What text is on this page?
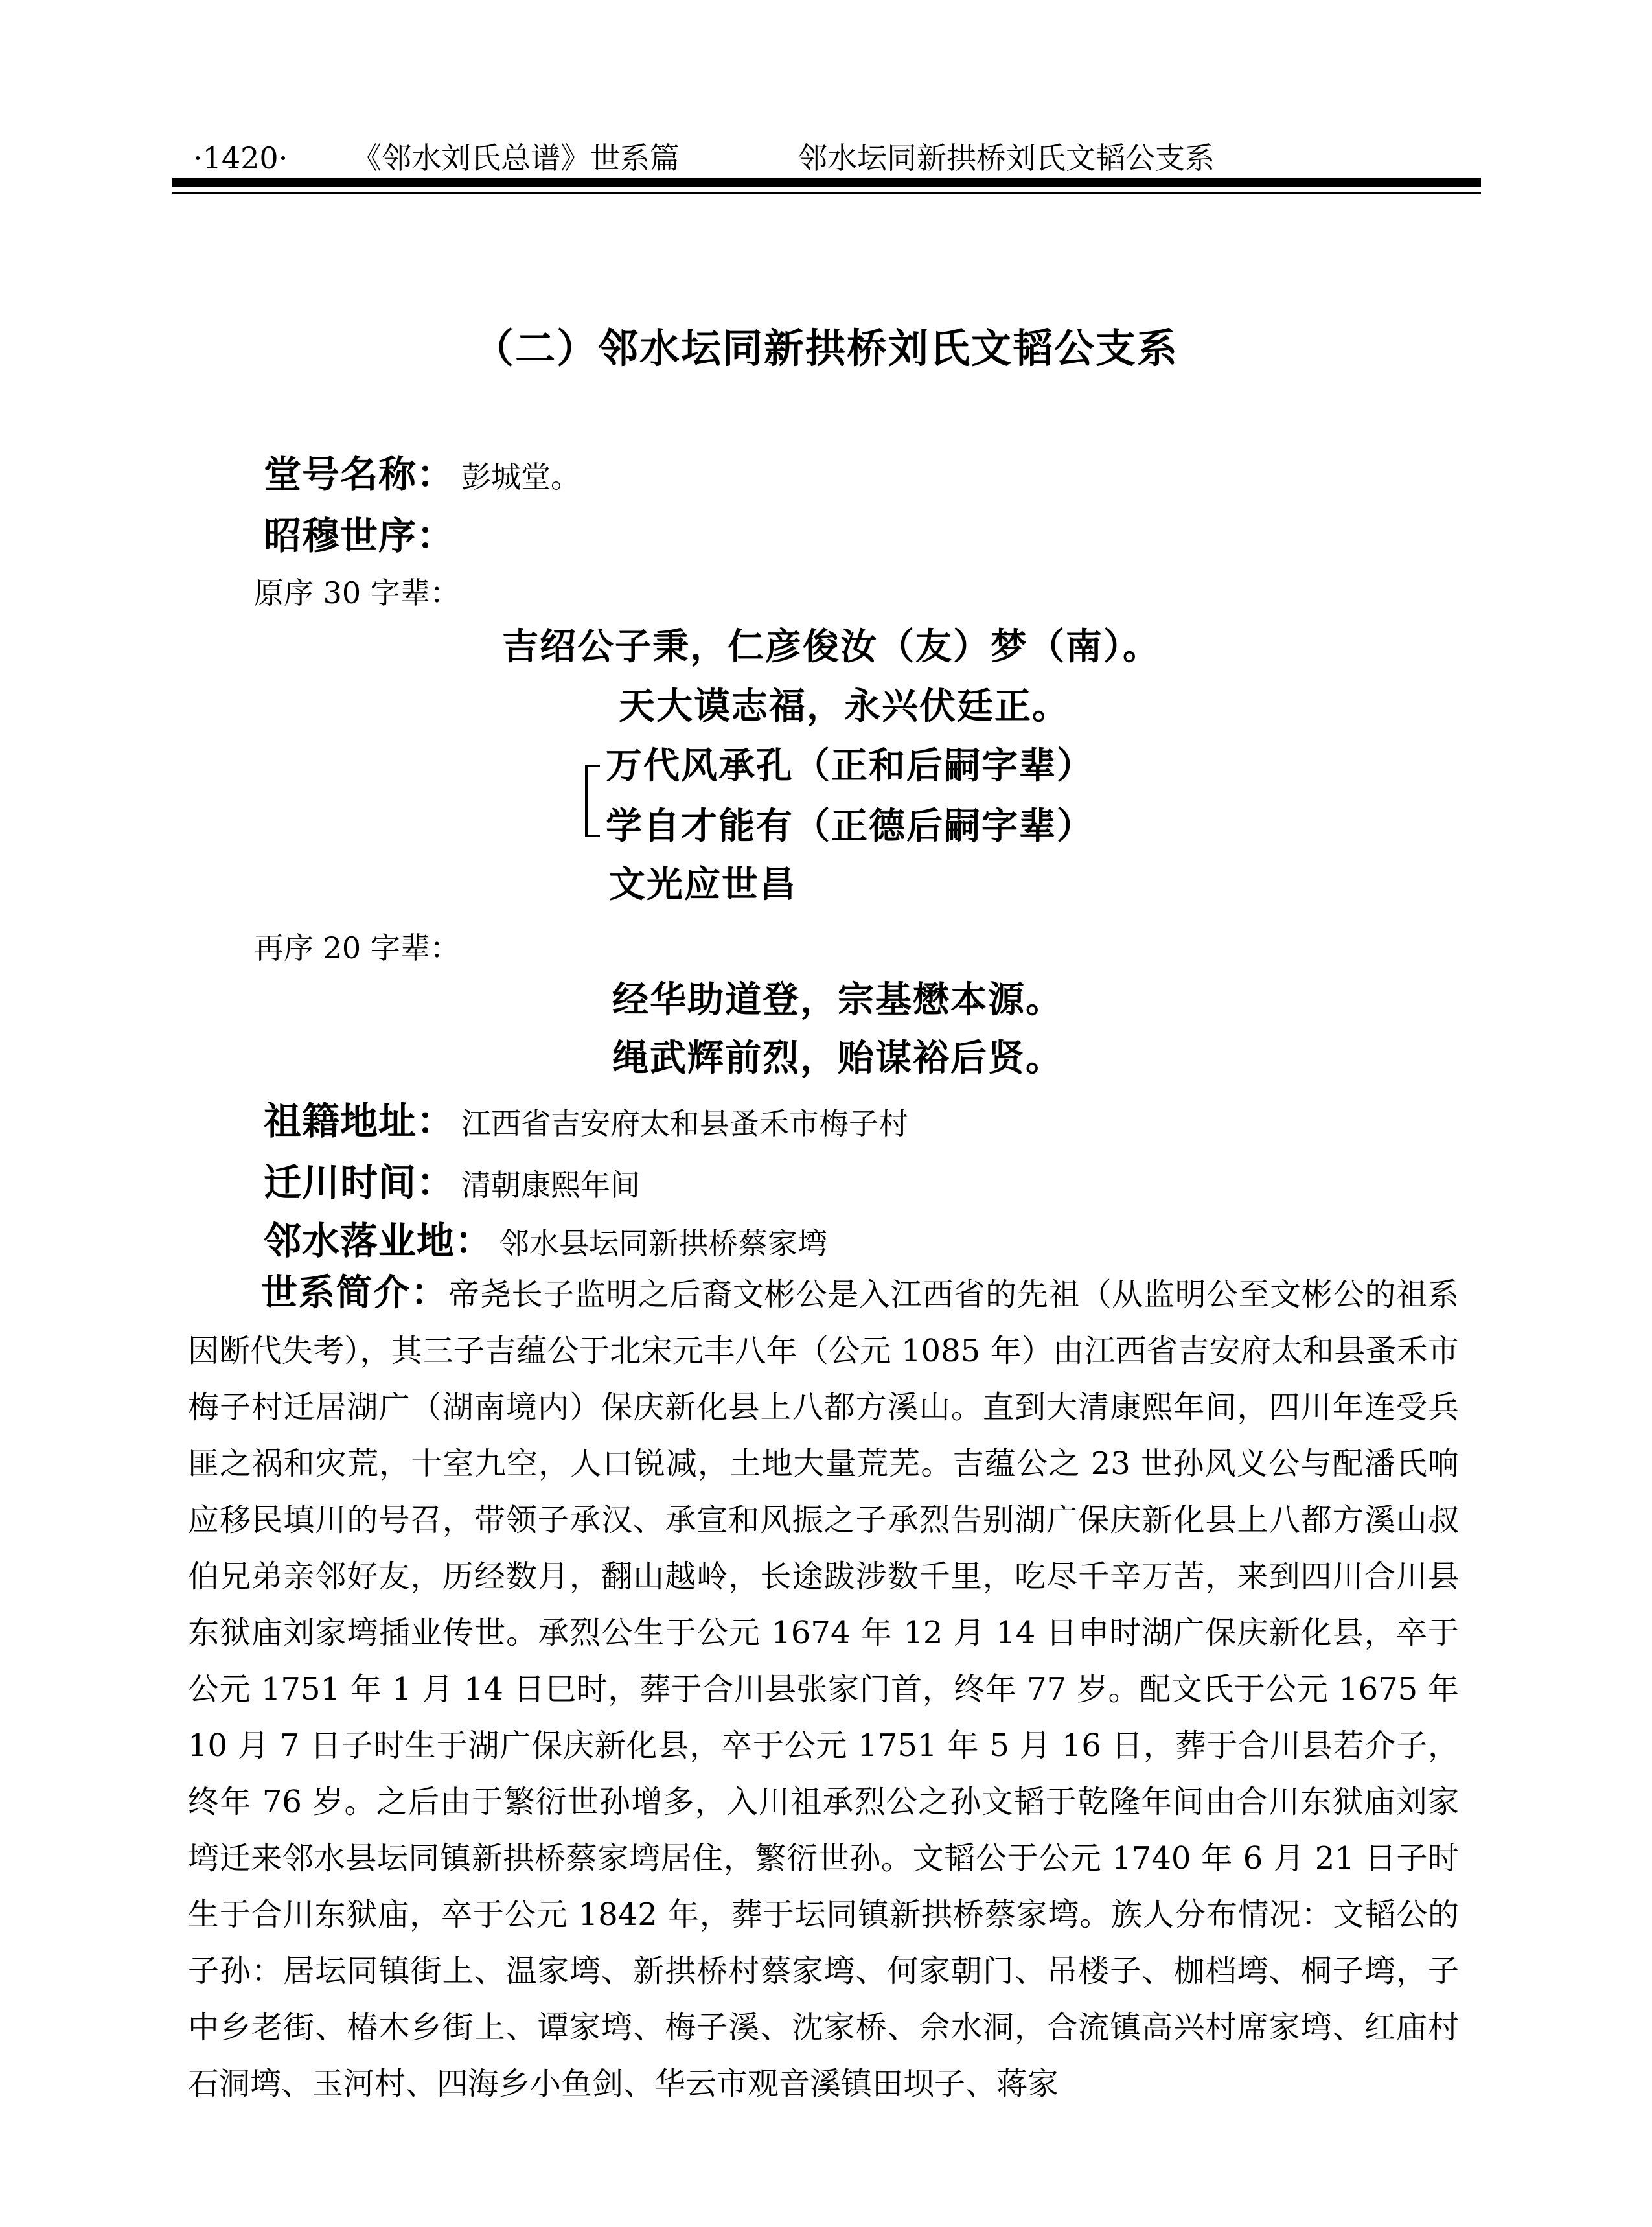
·1420· 《邻水刘氏总谱》世系篇	邻水坛同新拱桥刘氏文韬公支系
（二）邻水坛同新拱桥刘氏文韬公支系
堂号名称： 彭城堂。
昭穆世序：
原序 30 字辈：
吉绍公子秉，仁彦俊汝（友）梦（南）。
天大谟志福，永兴伏廷正。
万代风承孔（正和后嗣字辈）
学自才能有（正德后嗣字辈）
文光应世昌
再序 20 字辈：
经华助道登，宗基懋本源。
绳武辉前烈，贻谋裕后贤。
祖籍地址： 江西省吉安府太和县蚤禾市梅子村
迁川时间： 清朝康熙年间
邻水落业地： 邻水县坛同新拱桥蔡家塆
世系简介：帝尧长子监明之后裔文彬公是入江西省的先祖（从监明公至文彬公的祖系因断代失考），其三子吉蕴公于北宋元丰八年（公元 1085 年）由江西省吉安府太和县蚤禾市梅子村迁居湖广（湖南境内）保庆新化县上八都方溪山。直到大清康熙年间，四川年连受兵匪之祸和灾荒，十室九空，人口锐减，土地大量荒芜。吉蕴公之 23 世孙风义公与配潘氏响应移民填川的号召，带领子承汉、承宣和风振之子承烈告别湖广保庆新化县上八都方溪山叔伯兄弟亲邻好友，历经数月，翻山越岭，长途跋涉数千里，吃尽千辛万苦，来到四川合川县东狱庙刘家塆插业传世。承烈公生于公元 1674 年 12 月 14 日申时湖广保庆新化县，卒于公元 1751 年 1 月 14 日巳时，葬于合川县张家门首，终年 77 岁。配文氏于公元 1675 年 10 月 7 日子时生于湖广保庆新化县，卒于公元 1751 年 5 月 16 日，葬于合川县若介子，终年 76 岁。之后由于繁衍世孙增多，入川祖承烈公之孙文韬于乾隆年间由合川东狱庙刘家塆迁来邻水县坛同镇新拱桥蔡家塆居住，繁衍世孙。文韬公于公元 1740 年 6 月 21 日子时生于合川东狱庙，卒于公元 1842 年，葬于坛同镇新拱桥蔡家塆。族人分布情况：文韬公的子孙：居坛同镇街上、温家塆、新拱桥村蔡家塆、何家朝门、吊楼子、枷档塆、桐子塆，子中乡老街、椿木乡街上、谭家塆、梅子溪、沈家桥、佘水洞，合流镇高兴村席家塆、红庙村石洞塆、玉河村、四海乡小鱼剑、华云市观音溪镇田坝子、蒋家
